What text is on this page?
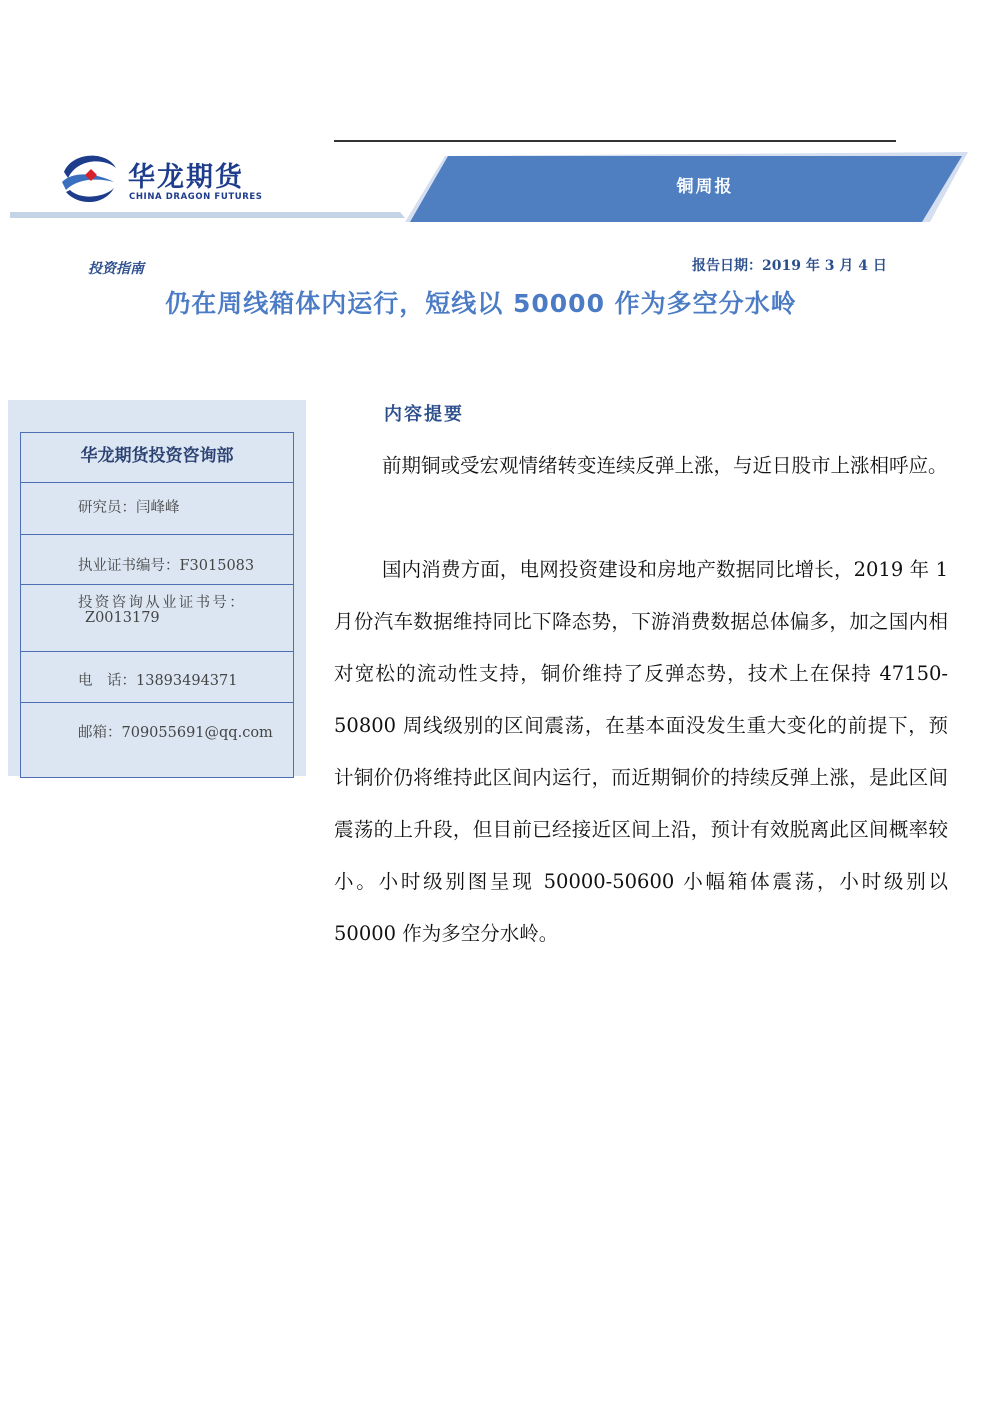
华龙期货
CHINA DRAGON FUTURES	铜周报
投资指南	报告日期：2019 年 3 月 4 日
仍在周线箱体内运行，短线以 50000 作为多空分水岭
华龙期货投资咨询部
研究员：闫峰峰
执业证书编号：F3015083
投资咨询从业证书号：
Z0013179
电　话：13893494371
邮箱：709055691@qq.com
内容提要
前期铜或受宏观情绪转变连续反弹上涨，与近日股市上涨相呼应。
国内消费方面，电网投资建设和房地产数据同比增长，2019 年 1 月份汽车数据维持同比下降态势，下游消费数据总体偏多，加之国内相对宽松的流动性支持，铜价维持了反弹态势，技术上在保持 47150-50800 周线级别的区间震荡，在基本面没发生重大变化的前提下，预计铜价仍将维持此区间内运行，而近期铜价的持续反弹上涨，是此区间震荡的上升段，但目前已经接近区间上沿，预计有效脱离此区间概率较小。小时级别图呈现 50000-50600 小幅箱体震荡，小时级别以 50000 作为多空分水岭。
